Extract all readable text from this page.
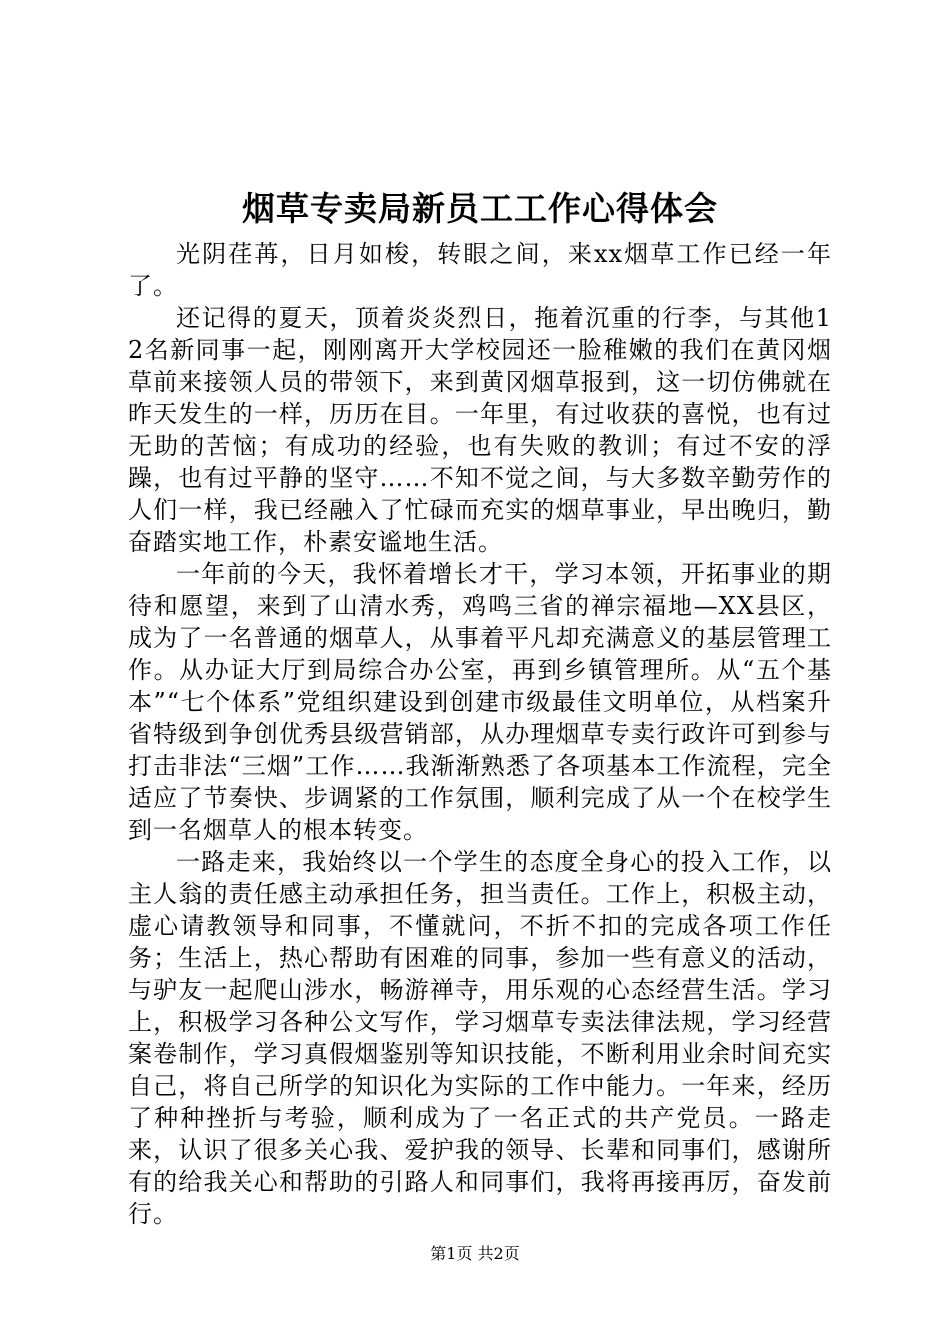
烟草专卖局新员工工作心得体会

光阴荏苒，日月如梭，转眼之间，来xx烟草工作已经一年了。

还记得的夏天，顶着炎炎烈日，拖着沉重的行李，与其他12名新同事一起，刚刚离开大学校园还一脸稚嫩的我们在黄冈烟草前来接领人员的带领下，来到黄冈烟草报到，这一切仿佛就在昨天发生的一样，历历在目。一年里，有过收获的喜悦，也有过无助的苦恼；有成功的经验，也有失败的教训；有过不安的浮躁，也有过平静的坚守……不知不觉之间，与大多数辛勤劳作的人们一样，我已经融入了忙碌而充实的烟草事业，早出晚归，勤奋踏实地工作，朴素安谧地生活。

一年前的今天，我怀着增长才干，学习本领，开拓事业的期待和愿望，来到了山清水秀，鸡鸣三省的禅宗福地—XX县区，成为了一名普通的烟草人，从事着平凡却充满意义的基层管理工作。从办证大厅到局综合办公室，再到乡镇管理所。从“五个基本”“七个体系”党组织建设到创建市级最佳文明单位，从档案升省特级到争创优秀县级营销部，从办理烟草专卖行政许可到参与打击非法“三烟”工作……我渐渐熟悉了各项基本工作流程，完全适应了节奏快、步调紧的工作氛围，顺利完成了从一个在校学生到一名烟草人的根本转变。

一路走来，我始终以一个学生的态度全身心的投入工作，以主人翁的责任感主动承担任务，担当责任。工作上，积极主动，虚心请教领导和同事，不懂就问，不折不扣的完成各项工作任务；生活上，热心帮助有困难的同事，参加一些有意义的活动，与驴友一起爬山涉水，畅游禅寺，用乐观的心态经营生活。学习上，积极学习各种公文写作，学习烟草专卖法律法规，学习经营案卷制作，学习真假烟鉴别等知识技能，不断利用业余时间充实自己，将自己所学的知识化为实际的工作中能力。一年来，经历了种种挫折与考验，顺利成为了一名正式的共产党员。一路走来，认识了很多关心我、爱护我的领导、长辈和同事们，感谢所有的给我关心和帮助的引路人和同事们，我将再接再厉，奋发前行。

第1页 共2页
